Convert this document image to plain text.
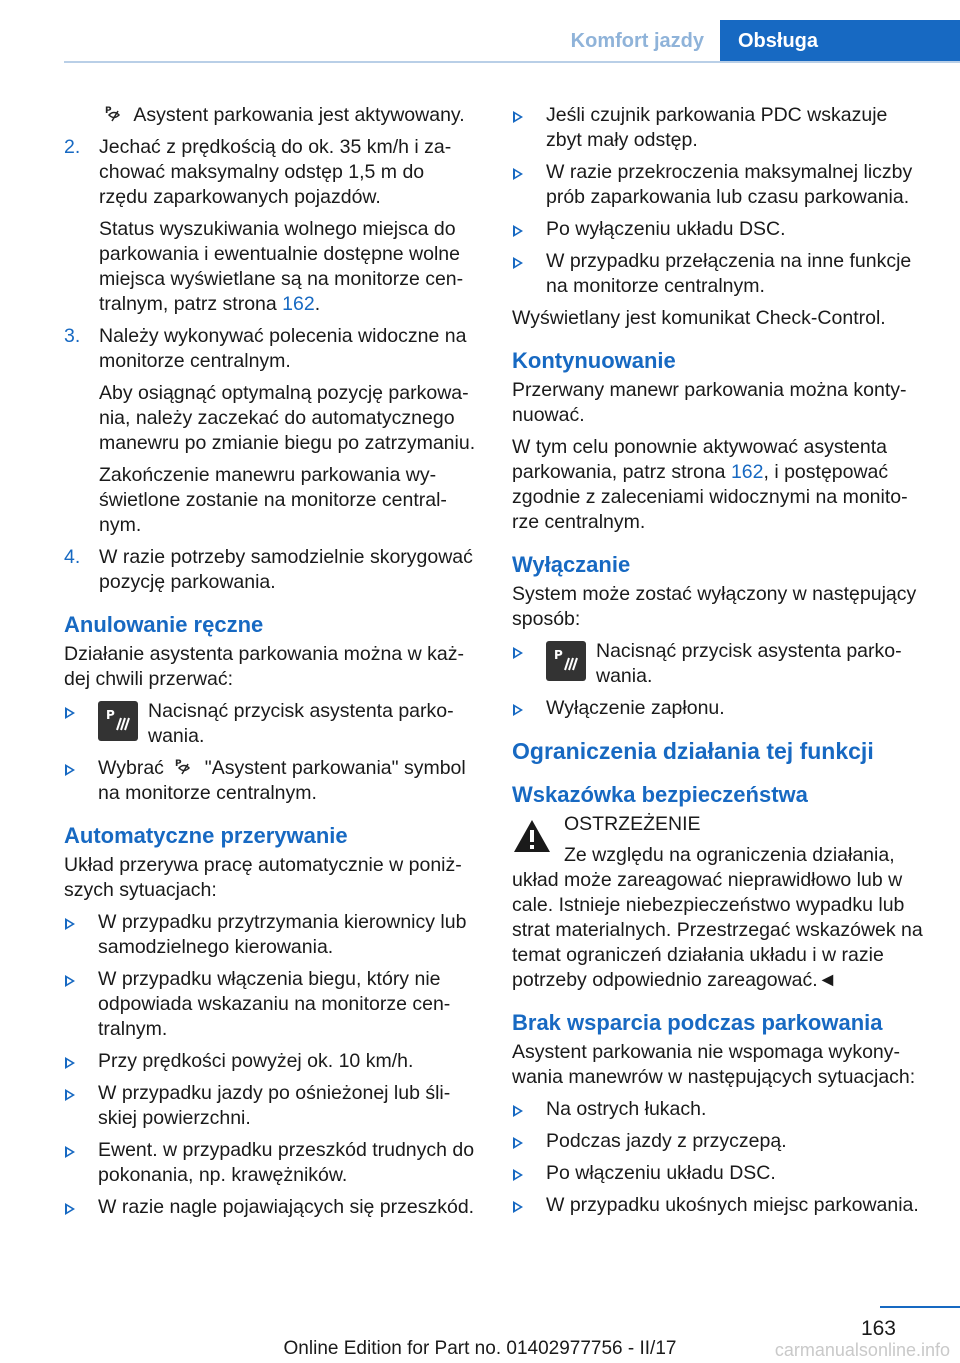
Komfort jazdy	Obsługa

P Asystent parkowania jest aktywowany.

2. Jechać z prędkością do ok. 35 km/h i za‐ chować maksymalny odstęp 1,5 m do rzędu zaparkowanych pojazdów.

Status wyszukiwania wolnego miejsca do parkowania i ewentualnie dostępne wolne miejsca wyświetlane są na monitorze cen‐ tralnym, patrz strona 162.

3. Należy wykonywać polecenia widoczne na monitorze centralnym.

Aby osiągnąć optymalną pozycję parkowa‐ nia, należy zaczekać do automatycznego manewru po zmianie biegu po zatrzymaniu.

Zakończenie manewru parkowania wy‐ świetlone zostanie na monitorze central‐ nym.

4. W razie potrzeby samodzielnie skorygować pozycję parkowania.

Anulowanie ręczne

Działanie asystenta parkowania można w każ‐ dej chwili przerwać:

P Nacisnąć przycisk asystenta parko‐ wania.

Wybrać P "Asystent parkowania" symbol na monitorze centralnym.

Automatyczne przerywanie

Układ przerywa pracę automatycznie w poniż‐ szych sytuacjach:

W przypadku przytrzymania kierownicy lub samodzielnego kierowania.
W przypadku włączenia biegu, który nie odpowiada wskazaniu na monitorze cen‐ tralnym.
Przy prędkości powyżej ok. 10 km/h.
W przypadku jazdy po ośnieżonej lub śli‐ skiej powierzchni.
Ewent. w przypadku przeszkód trudnych do pokonania, np. krawężników.
W razie nagle pojawiających się przeszkód.
Jeśli czujnik parkowania PDC wskazuje zbyt mały odstęp.
W razie przekroczenia maksymalnej liczby prób zaparkowania lub czasu parkowania.
Po wyłączeniu układu DSC.
W przypadku przełączenia na inne funkcje na monitorze centralnym.

Wyświetlany jest komunikat Check-Control.

Kontynuowanie

Przerwany manewr parkowania można konty‐ nuować.

W tym celu ponownie aktywować asystenta parkowania, patrz strona 162, i postępować zgodnie z zaleceniami widocznymi na monito‐ rze centralnym.

Wyłączanie

System może zostać wyłączony w następujący sposób:

P Nacisnąć przycisk asystenta parko‐ wania.

Wyłączenie zapłonu.
Ograniczenia działania tej funkcji
Wskazówka bezpieczeństwa

OSTRZEŻENIE

Ze względu na ograniczenia działania, układ może zareagować nieprawidłowo lub w cale. Istnieje niebezpieczeństwo wypadku lub strat materialnych. Przestrzegać wskazówek na temat ograniczeń działania układu i w razie potrzeby odpowiednio zareagować.◄

Brak wsparcia podczas parkowania

Asystent parkowania nie wspomaga wykony‐ wania manewrów w następujących sytuacjach:

Na ostrych łukach.
Podczas jazdy z przyczepą.
Po włączeniu układu DSC.
W przypadku ukośnych miejsc parkowania.
163
Online Edition for Part no. 01402977756 - II/17	carmanualsonline.info
